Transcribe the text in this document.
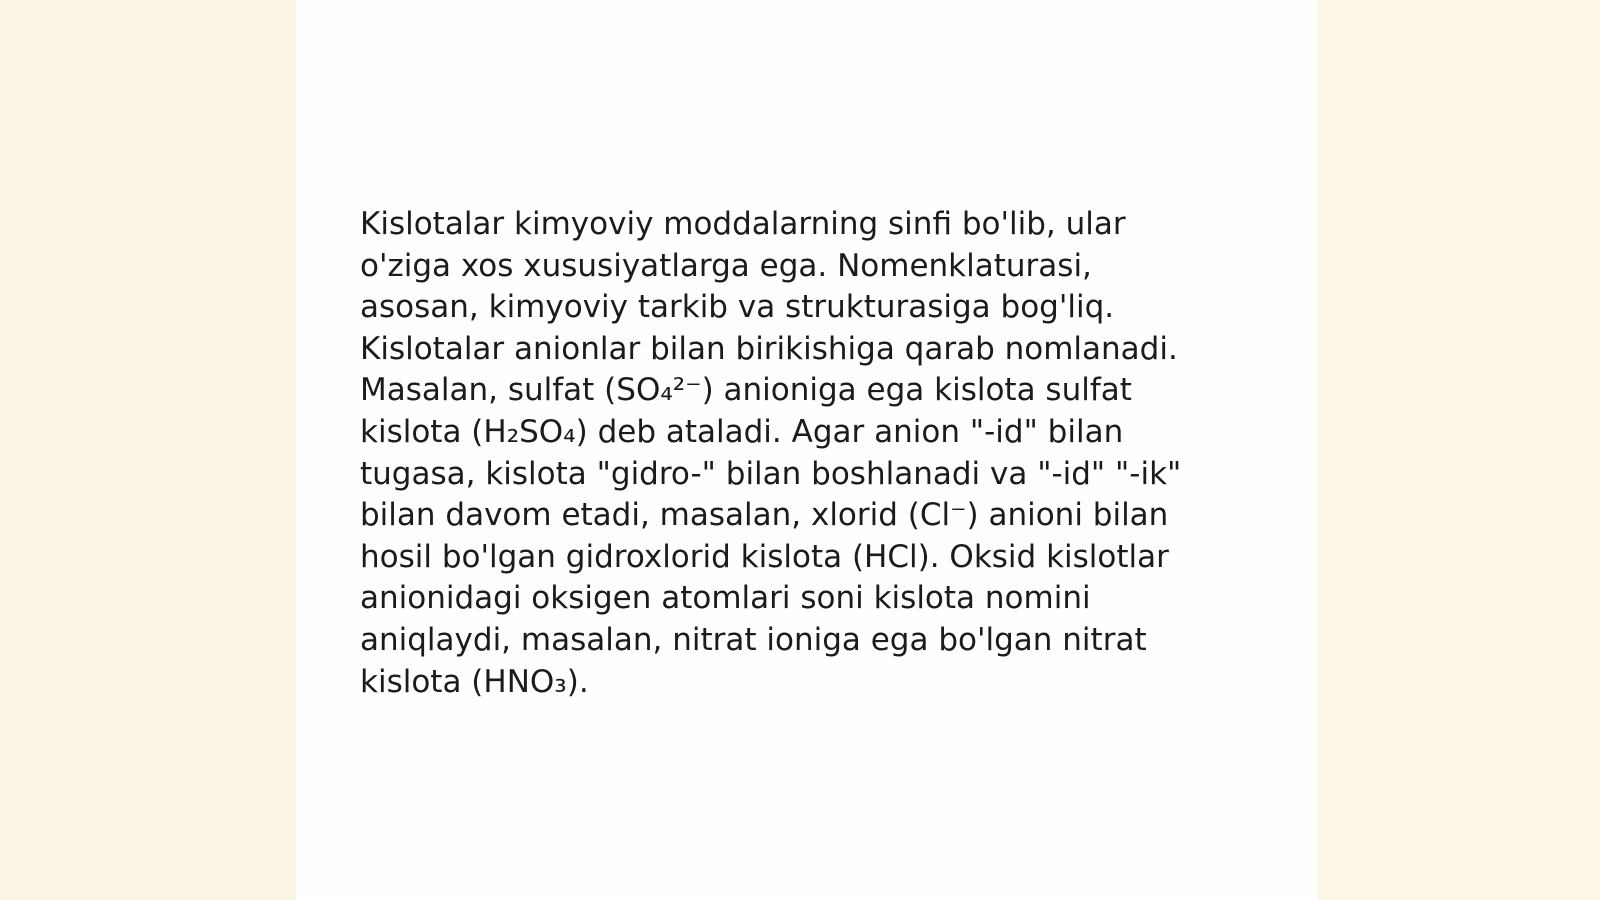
Kislotalar kimyoviy moddalarning sinfi bo'lib, ular
o'ziga xos xususiyatlarga ega. Nomenklaturasi,
asosan, kimyoviy tarkib va strukturasiga bog'liq.
Kislotalar anionlar bilan birikishiga qarab nomlanadi.
Masalan, sulfat (SO₄²⁻) anioniga ega kislota sulfat
kislota (H₂SO₄) deb ataladi. Agar anion "-id" bilan
tugasa, kislota "gidro-" bilan boshlanadi va "-id" "-ik"
bilan davom etadi, masalan, xlorid (Cl⁻) anioni bilan
hosil bo'lgan gidroxlorid kislota (HCl). Oksid kislotlar
anionidagi oksigen atomlari soni kislota nomini
aniqlaydi, masalan, nitrat ioniga ega bo'lgan nitrat
kislota (HNO₃).
